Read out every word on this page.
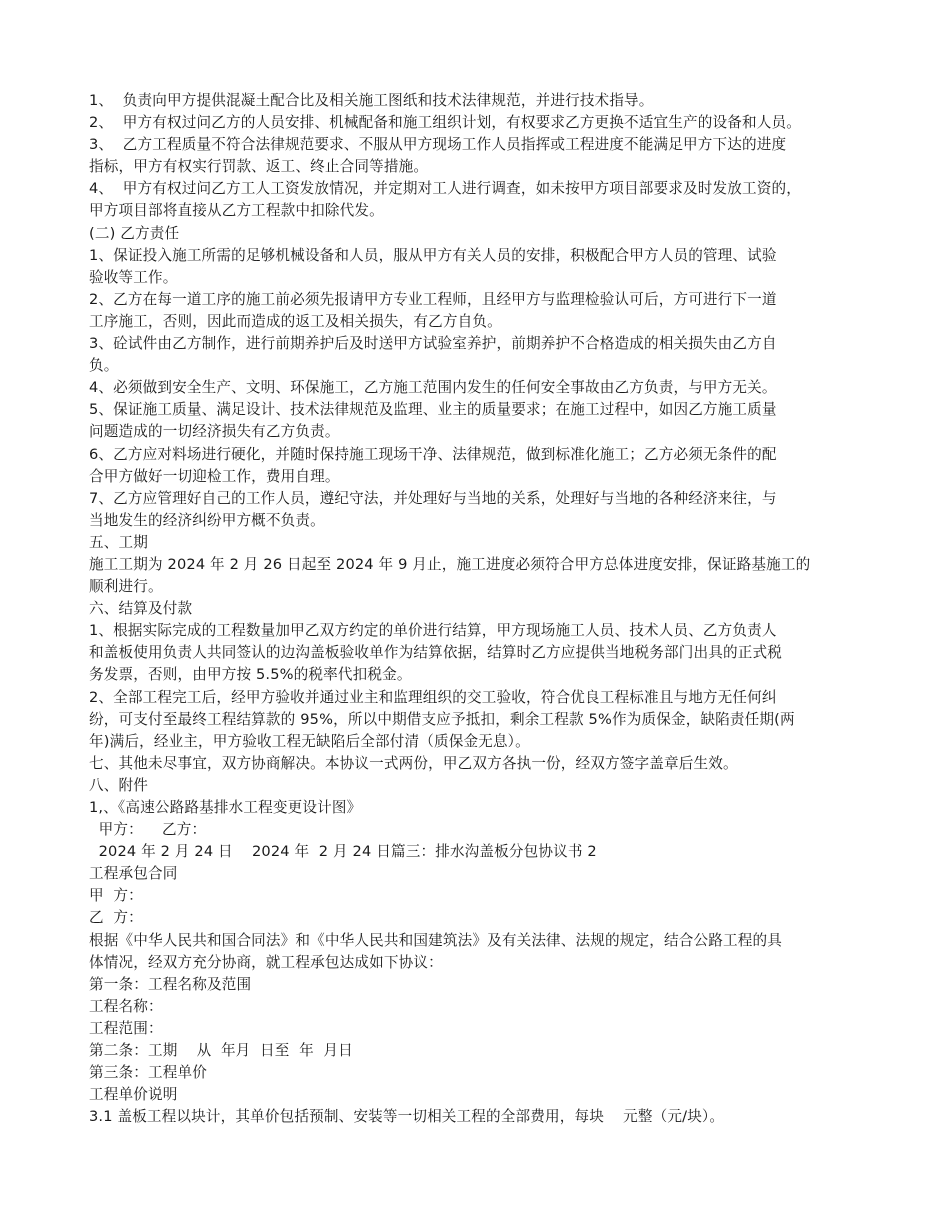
1、  负责向甲方提供混凝土配合比及相关施工图纸和技术法律规范，并进行技术指导。

2、  甲方有权过问乙方的人员安排、机械配备和施工组织计划，有权要求乙方更换不适宜生产的设备和人员。

3、  乙方工程质量不符合法律规范要求、不服从甲方现场工作人员指挥或工程进度不能满足甲方下达的进度

指标，甲方有权实行罚款、返工、终止合同等措施。

4、  甲方有权过问乙方工人工资发放情况，并定期对工人进行调查，如未按甲方项目部要求及时发放工资的，

甲方项目部将直接从乙方工程款中扣除代发。

(二) 乙方责任

1、保证投入施工所需的足够机械设备和人员，服从甲方有关人员的安排，积极配合甲方人员的管理、试验

验收等工作。

2、乙方在每一道工序的施工前必须先报请甲方专业工程师，且经甲方与监理检验认可后，方可进行下一道

工序施工，否则，因此而造成的返工及相关损失，有乙方自负。

3、砼试件由乙方制作，进行前期养护后及时送甲方试验室养护，前期养护不合格造成的相关损失由乙方自

负。

4、必须做到安全生产、文明、环保施工，乙方施工范围内发生的任何安全事故由乙方负责，与甲方无关。

5、保证施工质量、满足设计、技术法律规范及监理、业主的质量要求；在施工过程中，如因乙方施工质量

问题造成的一切经济损失有乙方负责。

6、乙方应对料场进行硬化，并随时保持施工现场干净、法律规范，做到标准化施工；乙方必须无条件的配

合甲方做好一切迎检工作，费用自理。

7、乙方应管理好自己的工作人员，遵纪守法，并处理好与当地的关系，处理好与当地的各种经济来往，与

当地发生的经济纠纷甲方概不负责。

五、工期

施工工期为 2024 年 2 月 26 日起至 2024 年 9 月止，施工进度必须符合甲方总体进度安排，保证路基施工的

顺利进行。

六、结算及付款

1、根据实际完成的工程数量加甲乙双方约定的单价进行结算，甲方现场施工人员、技术人员、乙方负责人

和盖板使用负责人共同签认的边沟盖板验收单作为结算依据，结算时乙方应提供当地税务部门出具的正式税

务发票，否则，由甲方按 5.5%的税率代扣税金。

2、全部工程完工后，经甲方验收并通过业主和监理组织的交工验收，符合优良工程标准且与地方无任何纠

纷，可支付至最终工程结算款的 95%，所以中期借支应予抵扣，剩余工程款 5%作为质保金，缺陷责任期(两

年)满后，经业主，甲方验收工程无缺陷后全部付清（质保金无息）。

七、其他未尽事宜，双方协商解决。本协议一式两份，甲乙双方各执一份，经双方签字盖章后生效。

八、附件

1,、《高速公路路基排水工程变更设计图》

甲方：    乙方：

2024 年 2 月 24 日    2024 年  2 月 24 日篇三：排水沟盖板分包协议书 2

工程承包合同

甲  方：

乙  方：

根据《中华人民共和国合同法》和《中华人民共和国建筑法》及有关法律、法规的规定，结合公路工程的具

体情况，经双方充分协商，就工程承包达成如下协议：

第一条：工程名称及范围

工程名称：

工程范围：

第二条：工期    从  年月  日至  年  月日

第三条：工程单价

工程单价说明

3.1 盖板工程以块计，其单价包括预制、安装等一切相关工程的全部费用，每块    元整（元/块）。
